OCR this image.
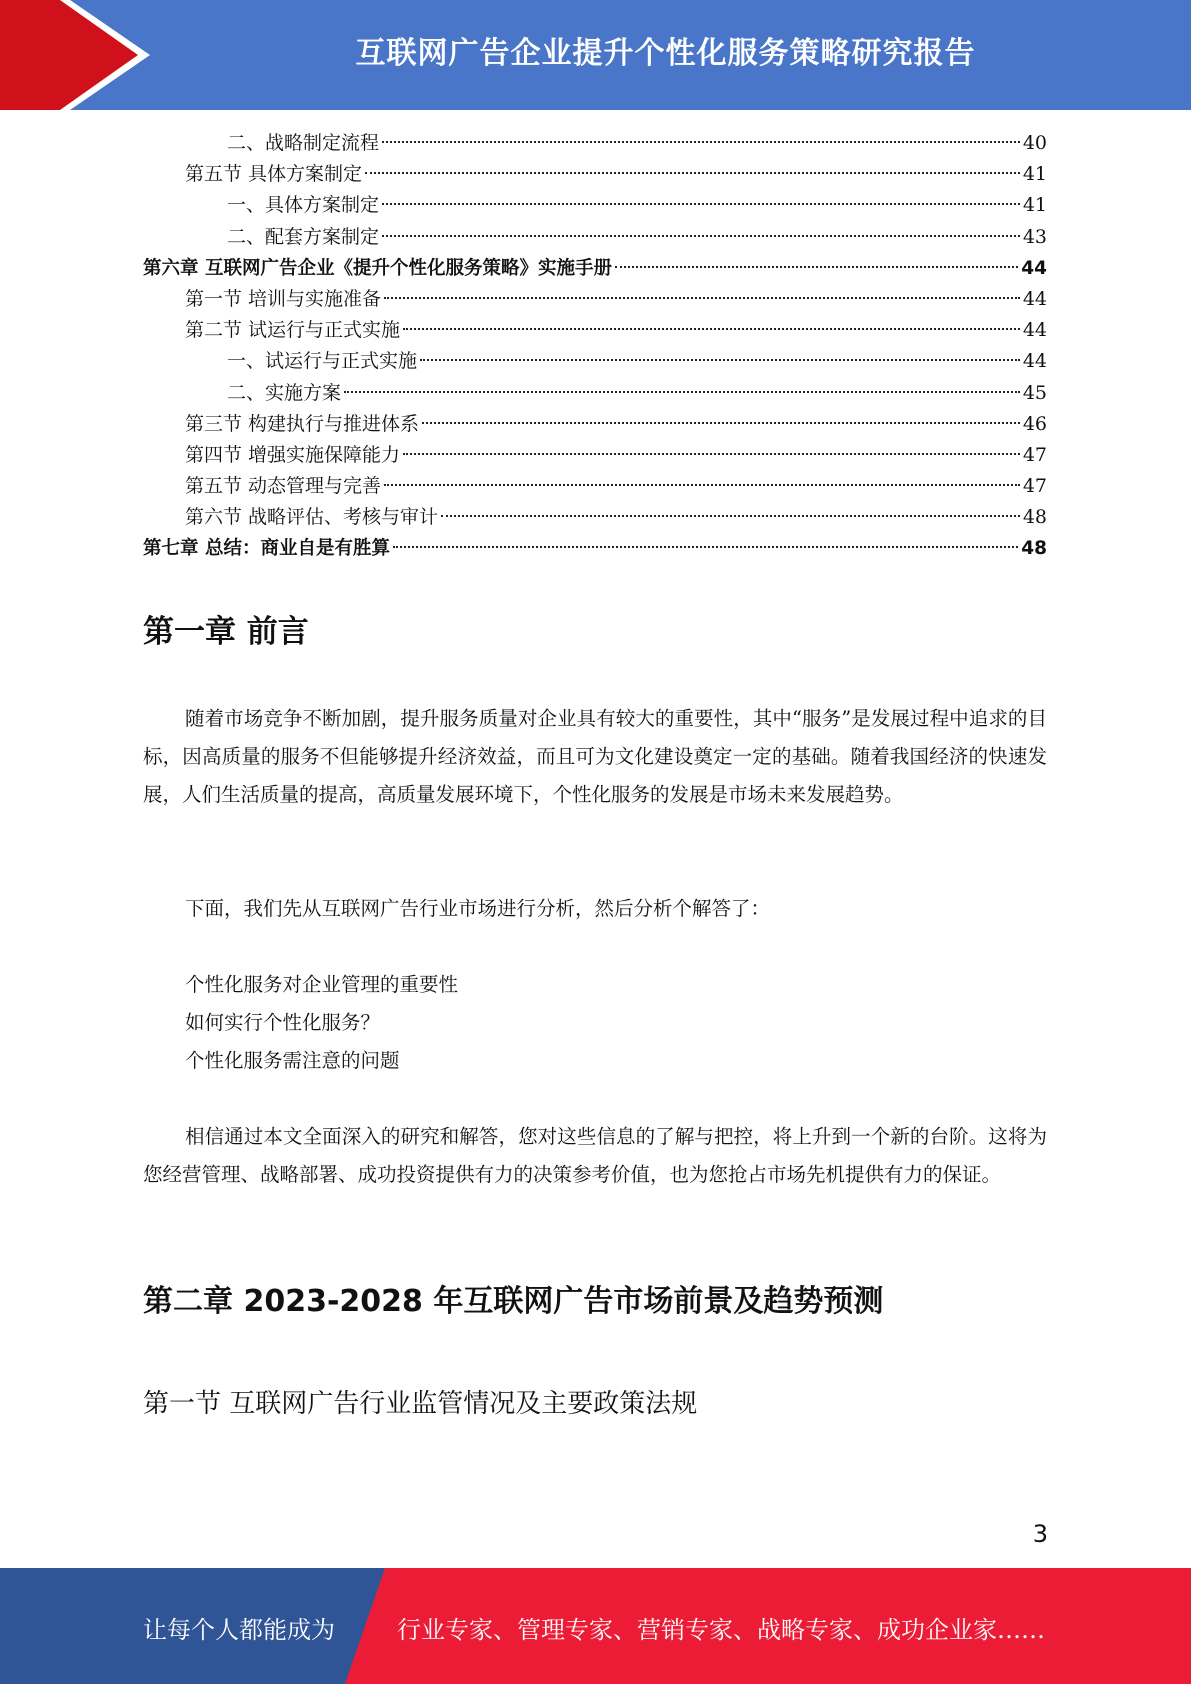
互联网广告企业提升个性化服务策略研究报告
二、战略制定流程	40
第五节 具体方案制定	41
一、具体方案制定	41
二、配套方案制定	43
第六章 互联网广告企业《提升个性化服务策略》实施手册	44
第一节 培训与实施准备	44
第二节 试运行与正式实施	44
一、试运行与正式实施	44
二、实施方案	45
第三节 构建执行与推进体系	46
第四节 增强实施保障能力	47
第五节 动态管理与完善	47
第六节 战略评估、考核与审计	48
第七章 总结：商业自是有胜算	48
第一章 前言

随着市场竞争不断加剧，提升服务质量对企业具有较大的重要性，其中“服务”是发展过程中追求的目标，因高质量的服务不但能够提升经济效益，而且可为文化建设奠定一定的基础。随着我国经济的快速发展，人们生活质量的提高，高质量发展环境下，个性化服务的发展是市场未来发展趋势。

下面，我们先从互联网广告行业市场进行分析，然后分析个解答了：

个性化服务对企业管理的重要性
如何实行个性化服务？
个性化服务需注意的问题

相信通过本文全面深入的研究和解答，您对这些信息的了解与把控，将上升到一个新的台阶。这将为您经营管理、战略部署、成功投资提供有力的决策参考价值，也为您抢占市场先机提供有力的保证。

第二章 2023-2028 年互联网广告市场前景及趋势预测
第一节 互联网广告行业监管情况及主要政策法规
3
让每个人都能成为	行业专家、管理专家、营销专家、战略专家、成功企业家……
